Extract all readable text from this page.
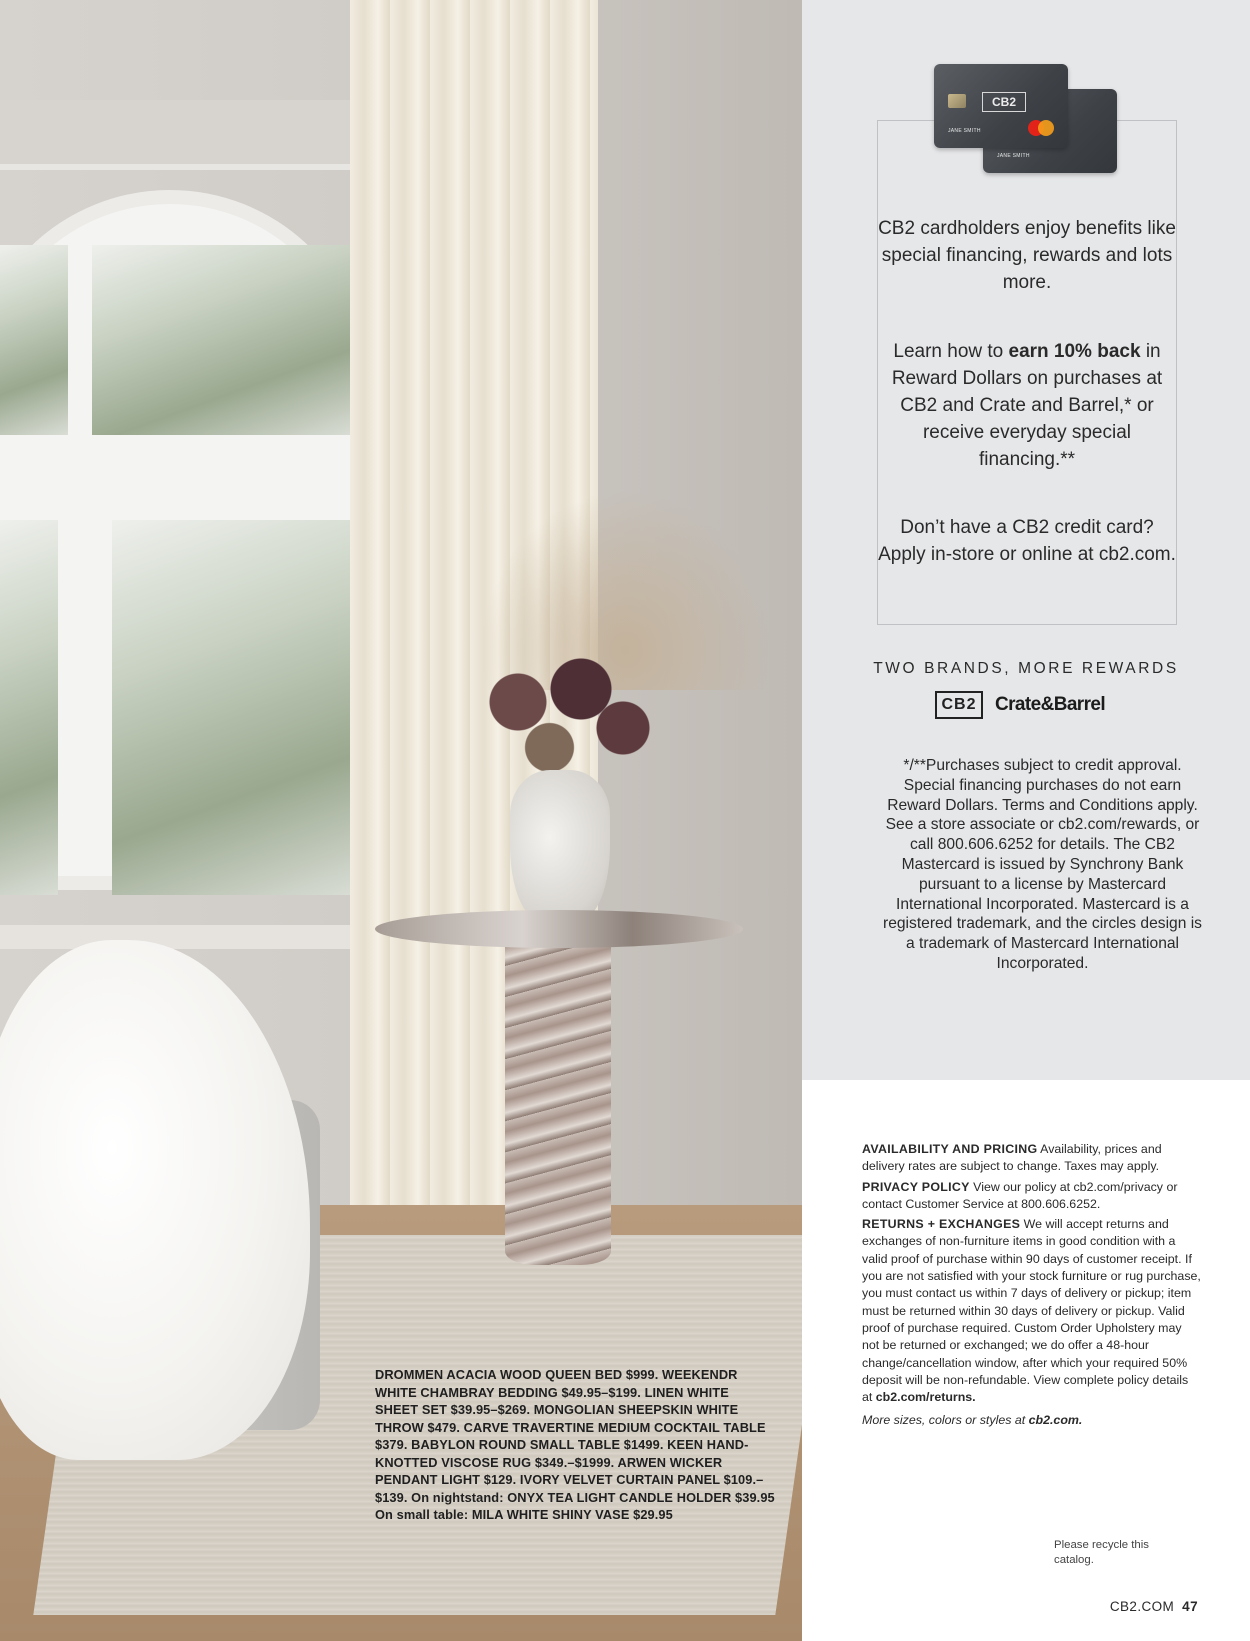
DROMMEN ACACIA WOOD QUEEN BED $999. WEEKENDR WHITE CHAMBRAY BEDDING $49.95–$199. LINEN WHITE SHEET SET $39.95–$269. MONGOLIAN SHEEPSKIN WHITE THROW $479. CARVE TRAVERTINE MEDIUM COCKTAIL TABLE $379. BABYLON ROUND SMALL TABLE $1499. KEEN HAND-KNOTTED VISCOSE RUG $349.–$1999. ARWEN WICKER PENDANT LIGHT $129. IVORY VELVET CURTAIN PANEL $109.–$139. On nightstand: ONYX TEA LIGHT CANDLE HOLDER $39.95 On small table: MILA WHITE SHINY VASE $29.95
JANE SMITH
CB2
JANE SMITH
CB2 cardholders enjoy benefits like special financing, rewards and lots more.
Learn how to earn 10% back in Reward Dollars on purchases at CB2 and Crate and Barrel,* or receive everyday special financing.**
Don’t have a CB2 credit card? Apply in-store or online at cb2.com.
TWO BRANDS, MORE REWARDS
CB2 Crate&Barrel
*/**Purchases subject to credit approval. Special financing purchases do not earn Reward Dollars. Terms and Conditions apply. See a store associate or cb2.com/rewards, or call 800.606.6252 for details. The CB2 Mastercard is issued by Synchrony Bank pursuant to a license by Mastercard International Incorporated. Mastercard is a registered trademark, and the circles design is a trademark of Mastercard International Incorporated.
AVAILABILITY AND PRICING Availability, prices and delivery rates are subject to change. Taxes may apply.
PRIVACY POLICY View our policy at cb2.com/privacy or contact Customer Service at 800.606.6252.
RETURNS + EXCHANGES We will accept returns and exchanges of non-furniture items in good condition with a valid proof of purchase within 90 days of customer receipt. If you are not satisfied with your stock furniture or rug purchase, you must contact us within 7 days of delivery or pickup; item must be returned within 30 days of delivery or pickup. Valid proof of purchase required. Custom Order Upholstery may not be returned or exchanged; we do offer a 48-hour change/cancellation window, after which your required 50% deposit will be non-refundable. View complete policy details at cb2.com/returns.
More sizes, colors or styles at cb2.com.
Please recycle this catalog.
CB2.COM 47
